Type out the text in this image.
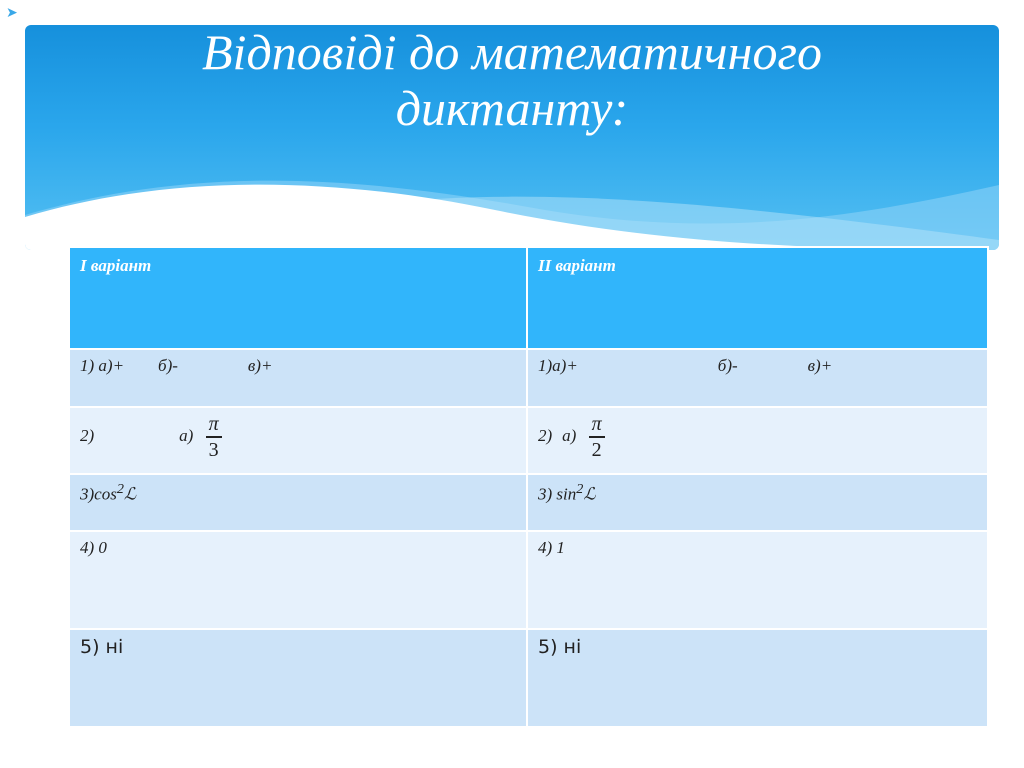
➤
Відповіді до математичного
диктанту:
І варіант	ІІ варіант
1) а)+ б)- в)+	1)а)+ б)- в)+
2) $а) \frac{\pi}{3}$	2) $а) \frac{\pi}{2}$

$3)\cos^2ℒ$	3) $\sin^2ℒ$
4) 0	4) 1
5) ні	5) ні
